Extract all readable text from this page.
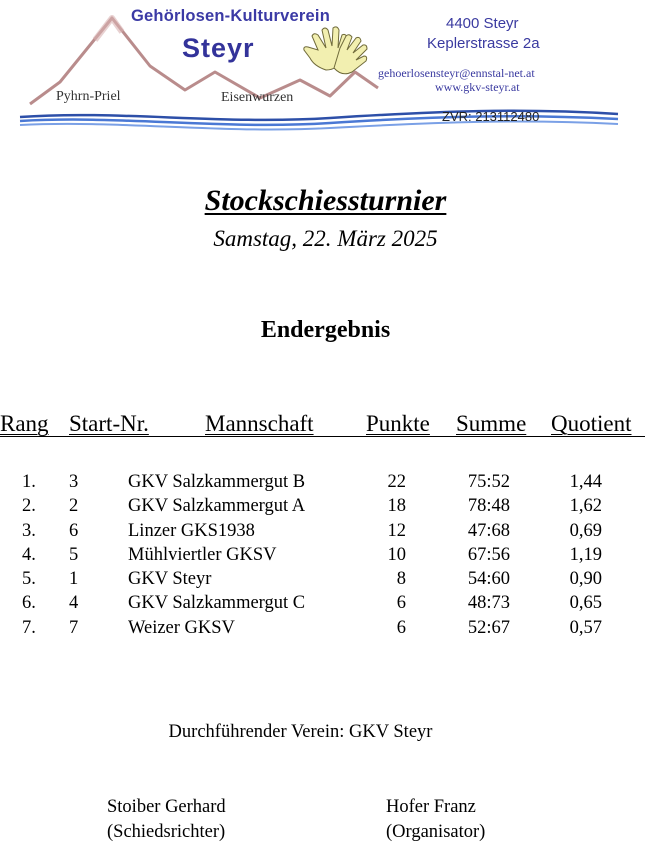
Gehörlosen-Kulturverein
Steyr
Pyhrn-Priel	Eisenwurzen
4400 Steyr
Keplerstrasse 2a
gehoerlosensteyr@ennstal-net.at
www.gkv-steyr.at
ZVR: 213112480
Stockschiessturnier
Samstag, 22. März 2025
Endergebnis
Rang Start-Nr. Mannschaft Punkte Summe Quotient
1. 3	GKV Salzkammergut B	22	75:52	1,44
2. 2	GKV Salzkammergut A	18	78:48	1,62
3. 6	Linzer GKS1938	12	47:68	0,69
4. 5	Mühlviertler GKSV	10	67:56	1,19
5. 1	GKV Steyr	8	54:60	0,90
6. 4	GKV Salzkammergut C	6	48:73	0,65
7. 7	Weizer GKSV	6	52:67	0,57
Durchführender Verein: GKV Steyr
Stoiber Gerhard
(Schiedsrichter)
Hofer Franz
(Organisator)
